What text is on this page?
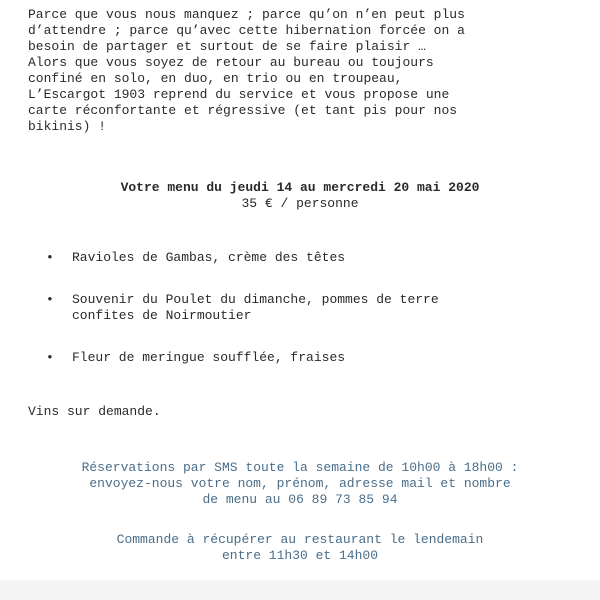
Parce que vous nous manquez ; parce qu’on n’en peut plus
d’attendre ; parce qu’avec cette hibernation forcée on a
besoin de partager et surtout de se faire plaisir …
Alors que vous soyez de retour au bureau ou toujours
confiné en solo, en duo, en trio ou en troupeau,
L’Escargot 1903 reprend du service et vous propose une
carte réconfortante et régressive (et tant pis pour nos
bikinis) !

Votre menu du jeudi 14 au mercredi 20 mai 2020

35 € / personne

•	Ravioles de Gambas, crème des têtes
•	Souvenir du Poulet du dimanche, pommes de terre
confites de Noirmoutier
•	Fleur de meringue soufflée, fraises

Vins sur demande.

Réservations par SMS toute la semaine de 10h00 à 18h00 :
envoyez-nous votre nom, prénom, adresse mail et nombre
de menu au 06 89 73 85 94

Commande à récupérer au restaurant le lendemain
entre 11h30 et 14h00
